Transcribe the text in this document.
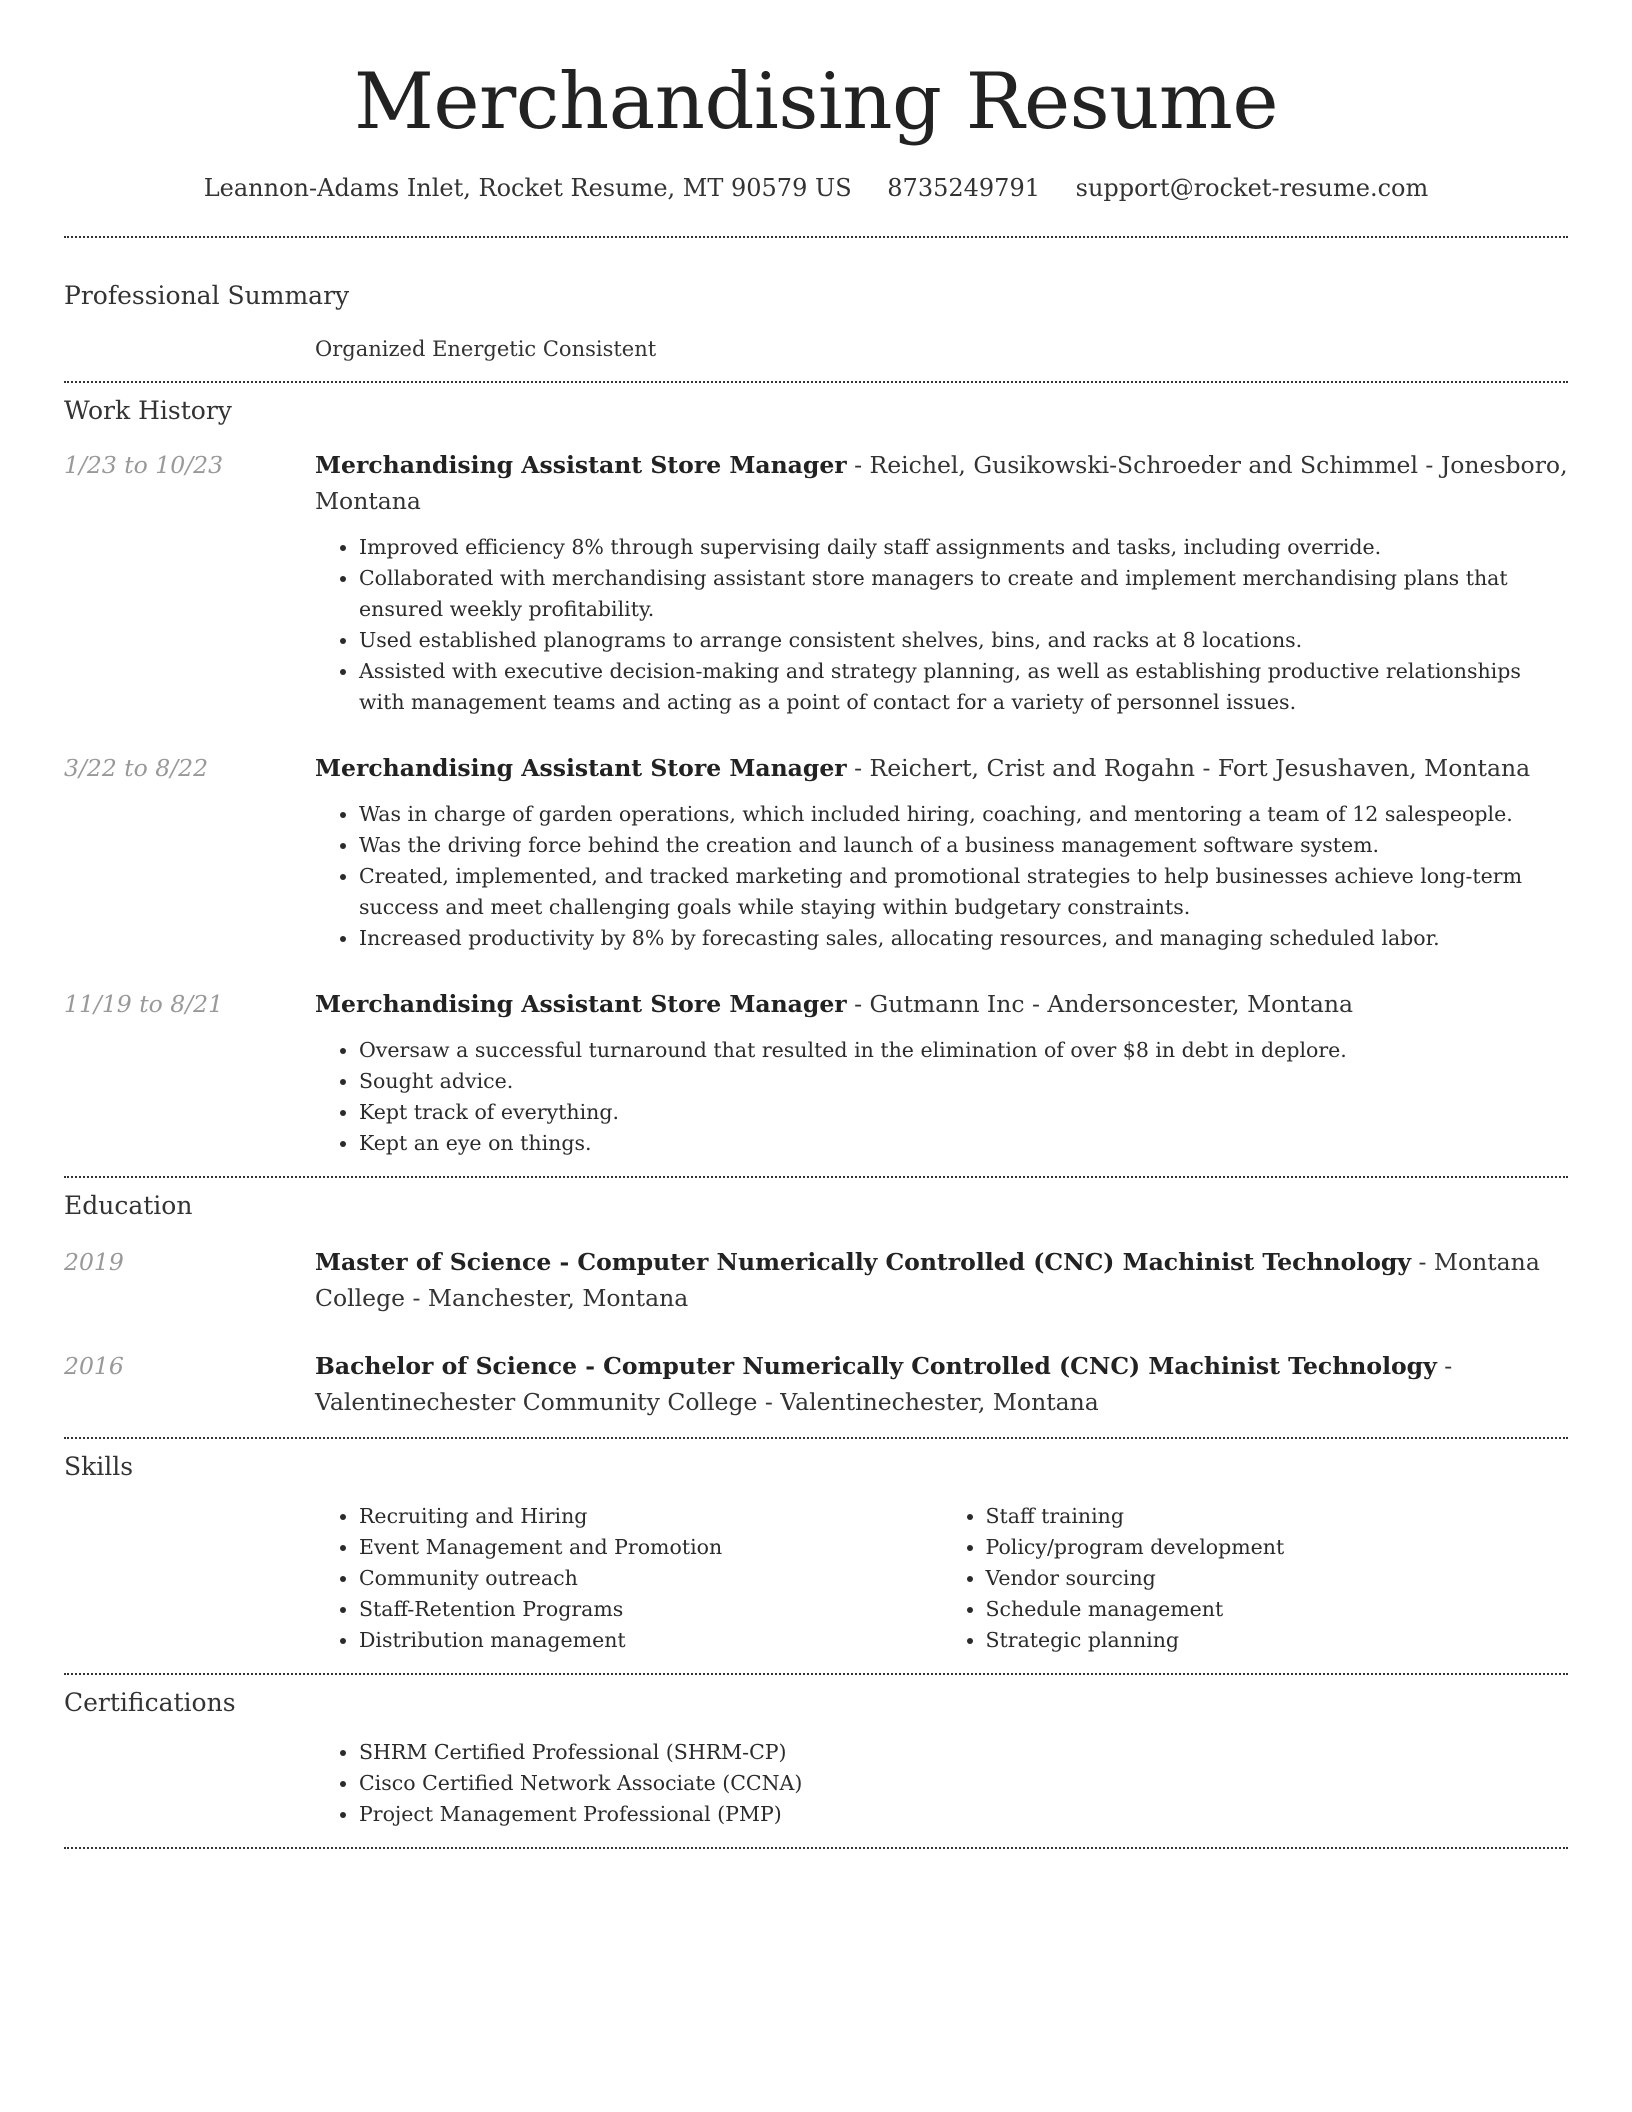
Merchandising Resume
Leannon-Adams Inlet, Rocket Resume, MT 90579 US 8735249791 support@rocket-resume.com
Professional Summary
Organized Energetic Consistent
Work History
1/23 to 10/23	Merchandising Assistant Store Manager - Reichel, Gusikowski-Schroeder and Schimmel - Jonesboro, Montana
• Improved efficiency 8% through supervising daily staff assignments and tasks, including override.
• Collaborated with merchandising assistant store managers to create and implement merchandising plans that ensured weekly profitability.
• Used established planograms to arrange consistent shelves, bins, and racks at 8 locations.
• Assisted with executive decision-making and strategy planning, as well as establishing productive relationships with management teams and acting as a point of contact for a variety of personnel issues.
3/22 to 8/22	Merchandising Assistant Store Manager - Reichert, Crist and Rogahn - Fort Jesushaven, Montana
• Was in charge of garden operations, which included hiring, coaching, and mentoring a team of 12 salespeople.
• Was the driving force behind the creation and launch of a business management software system.
• Created, implemented, and tracked marketing and promotional strategies to help businesses achieve long-term success and meet challenging goals while staying within budgetary constraints.
• Increased productivity by 8% by forecasting sales, allocating resources, and managing scheduled labor.
11/19 to 8/21	Merchandising Assistant Store Manager - Gutmann Inc - Andersoncester, Montana
• Oversaw a successful turnaround that resulted in the elimination of over $8 in debt in deplore.
• Sought advice.
• Kept track of everything.
• Kept an eye on things.
Education
2019	Master of Science - Computer Numerically Controlled (CNC) Machinist Technology - Montana College - Manchester, Montana
2016	Bachelor of Science - Computer Numerically Controlled (CNC) Machinist Technology - Valentinechester Community College - Valentinechester, Montana
Skills
• Recruiting and Hiring
• Event Management and Promotion
• Community outreach
• Staff-Retention Programs
• Distribution management
• Staff training
• Policy/program development
• Vendor sourcing
• Schedule management
• Strategic planning
Certifications
• SHRM Certified Professional (SHRM-CP)
• Cisco Certified Network Associate (CCNA)
• Project Management Professional (PMP)
